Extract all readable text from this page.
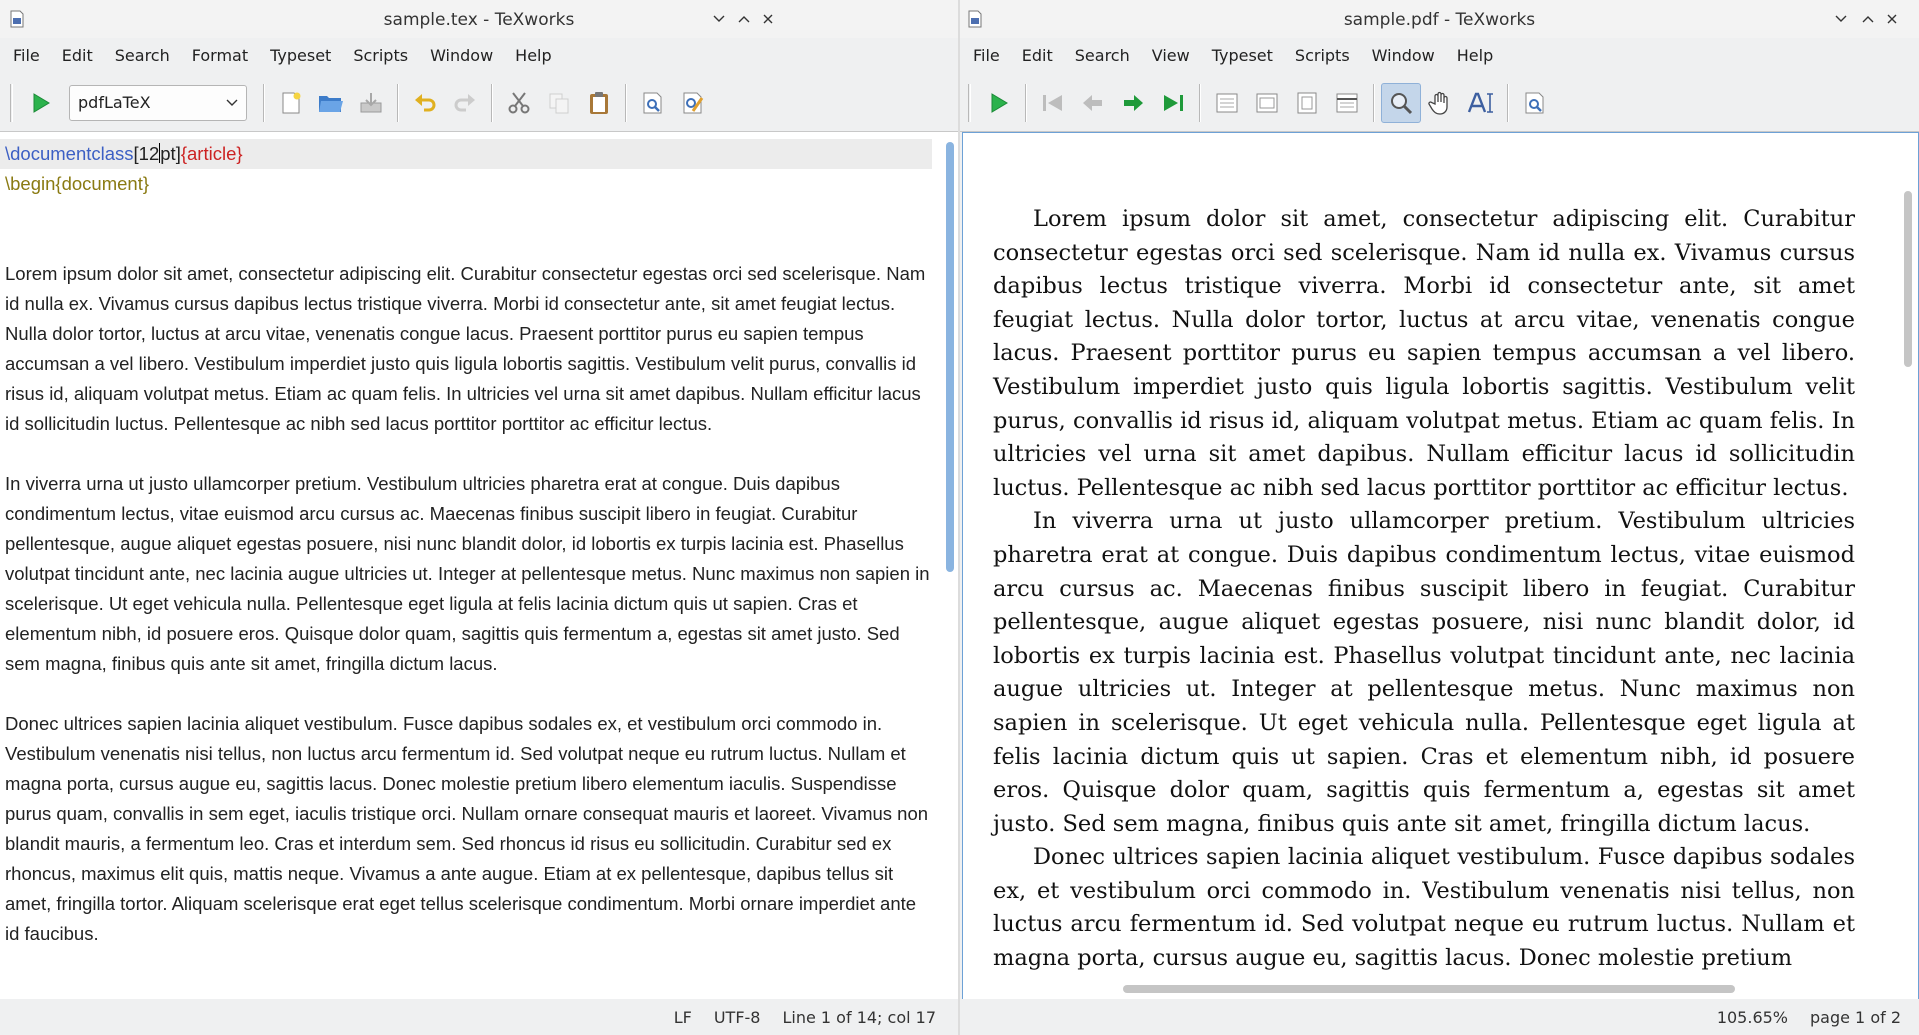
sample.tex - TeXworks
File	Edit	Search	Format	Typeset	Scripts	Window	Help
pdfLaTeX
\documentclass[12pt]{article}
\begin{document}
Lorem ipsum dolor sit amet, consectetur adipiscing elit. Curabitur consectetur egestas orci sed scelerisque. Nam id nulla ex. Vivamus cursus dapibus lectus tristique viverra. Morbi id consectetur ante, sit amet feugiat lectus. Nulla dolor tortor, luctus at arcu vitae, venenatis congue lacus. Praesent porttitor purus eu sapien tempus accumsan a vel libero. Vestibulum imperdiet justo quis ligula lobortis sagittis. Vestibulum velit purus, convallis id risus id, aliquam volutpat metus. Etiam ac quam felis. In ultricies vel urna sit amet dapibus. Nullam efficitur lacus id sollicitudin luctus. Pellentesque ac nibh sed lacus porttitor porttitor ac efficitur lectus.
In viverra urna ut justo ullamcorper pretium. Vestibulum ultricies pharetra erat at congue. Duis dapibus condimentum lectus, vitae euismod arcu cursus ac. Maecenas finibus suscipit libero in feugiat. Curabitur pellentesque, augue aliquet egestas posuere, nisi nunc blandit dolor, id lobortis ex turpis lacinia est. Phasellus volutpat tincidunt ante, nec lacinia augue ultricies ut. Integer at pellentesque metus. Nunc maximus non sapien in scelerisque. Ut eget vehicula nulla. Pellentesque eget ligula at felis lacinia dictum quis ut sapien. Cras et elementum nibh, id posuere eros. Quisque dolor quam, sagittis quis fermentum a, egestas sit amet justo. Sed sem magna, finibus quis ante sit amet, fringilla dictum lacus.
Donec ultrices sapien lacinia aliquet vestibulum. Fusce dapibus sodales ex, et vestibulum orci commodo in. Vestibulum venenatis nisi tellus, non luctus arcu fermentum id. Sed volutpat neque eu rutrum luctus. Nullam et magna porta, cursus augue eu, sagittis lacus. Donec molestie pretium libero elementum iaculis. Suspendisse purus quam, convallis in sem eget, iaculis tristique orci. Nullam ornare consequat mauris et laoreet. Vivamus non blandit mauris, a fermentum leo. Cras et interdum sem. Sed rhoncus id risus eu sollicitudin. Curabitur sed ex rhoncus, maximus elit quis, mattis neque. Vivamus a ante augue. Etiam at ex pellentesque, dapibus tellus sit amet, fringilla tortor. Aliquam scelerisque erat eget tellus scelerisque condimentum. Morbi ornare imperdiet ante id faucibus.
LF UTF-8 Line 1 of 14; col 17
sample.pdf - TeXworks
File	Edit	Search	View	Typeset	Scripts	Window	Help

Lorem ipsum dolor sit amet, consectetur adipiscing elit. Curabitur consectetur egestas orci sed scelerisque. Nam id nulla ex. Vivamus cursus dapibus lectus tristique viverra. Morbi id consectetur ante, sit amet feugiat lectus. Nulla dolor tortor, luctus at arcu vitae, venenatis congue lacus. Praesent porttitor purus eu sapien tempus accumsan a vel libero. Vestibulum imperdiet justo quis ligula lobortis sagittis. Vestibulum velit purus, convallis id risus id, aliquam volutpat metus. Etiam ac quam felis. In ultricies vel urna sit amet dapibus. Nullam efficitur lacus id sollicitudin luctus. Pellentesque ac nibh sed lacus porttitor porttitor ac efficitur lectus.

In viverra urna ut justo ullamcorper pretium. Vestibulum ultricies pharetra erat at congue. Duis dapibus condimentum lectus, vitae euismod arcu cursus ac. Maecenas finibus suscipit libero in feugiat. Curabitur pellentesque, augue aliquet egestas posuere, nisi nunc blandit dolor, id lobortis ex turpis lacinia est. Phasellus volutpat tincidunt ante, nec lacinia augue ultricies ut. Integer at pellentesque metus. Nunc maximus non sapien in scelerisque. Ut eget vehicula nulla. Pellentesque eget ligula at felis lacinia dictum quis ut sapien. Cras et elementum nibh, id posuere eros. Quisque dolor quam, sagittis quis fermentum a, egestas sit amet justo. Sed sem magna, finibus quis ante sit amet, fringilla dictum lacus.

Donec ultrices sapien lacinia aliquet vestibulum. Fusce dapibus sodales ex, et vestibulum orci commodo in. Vestibulum venenatis nisi tellus, non luctus arcu fermentum id. Sed volutpat neque eu rutrum luctus. Nullam et magna porta, cursus augue eu, sagittis lacus. Donec molestie pretium

105.65% page 1 of 2
